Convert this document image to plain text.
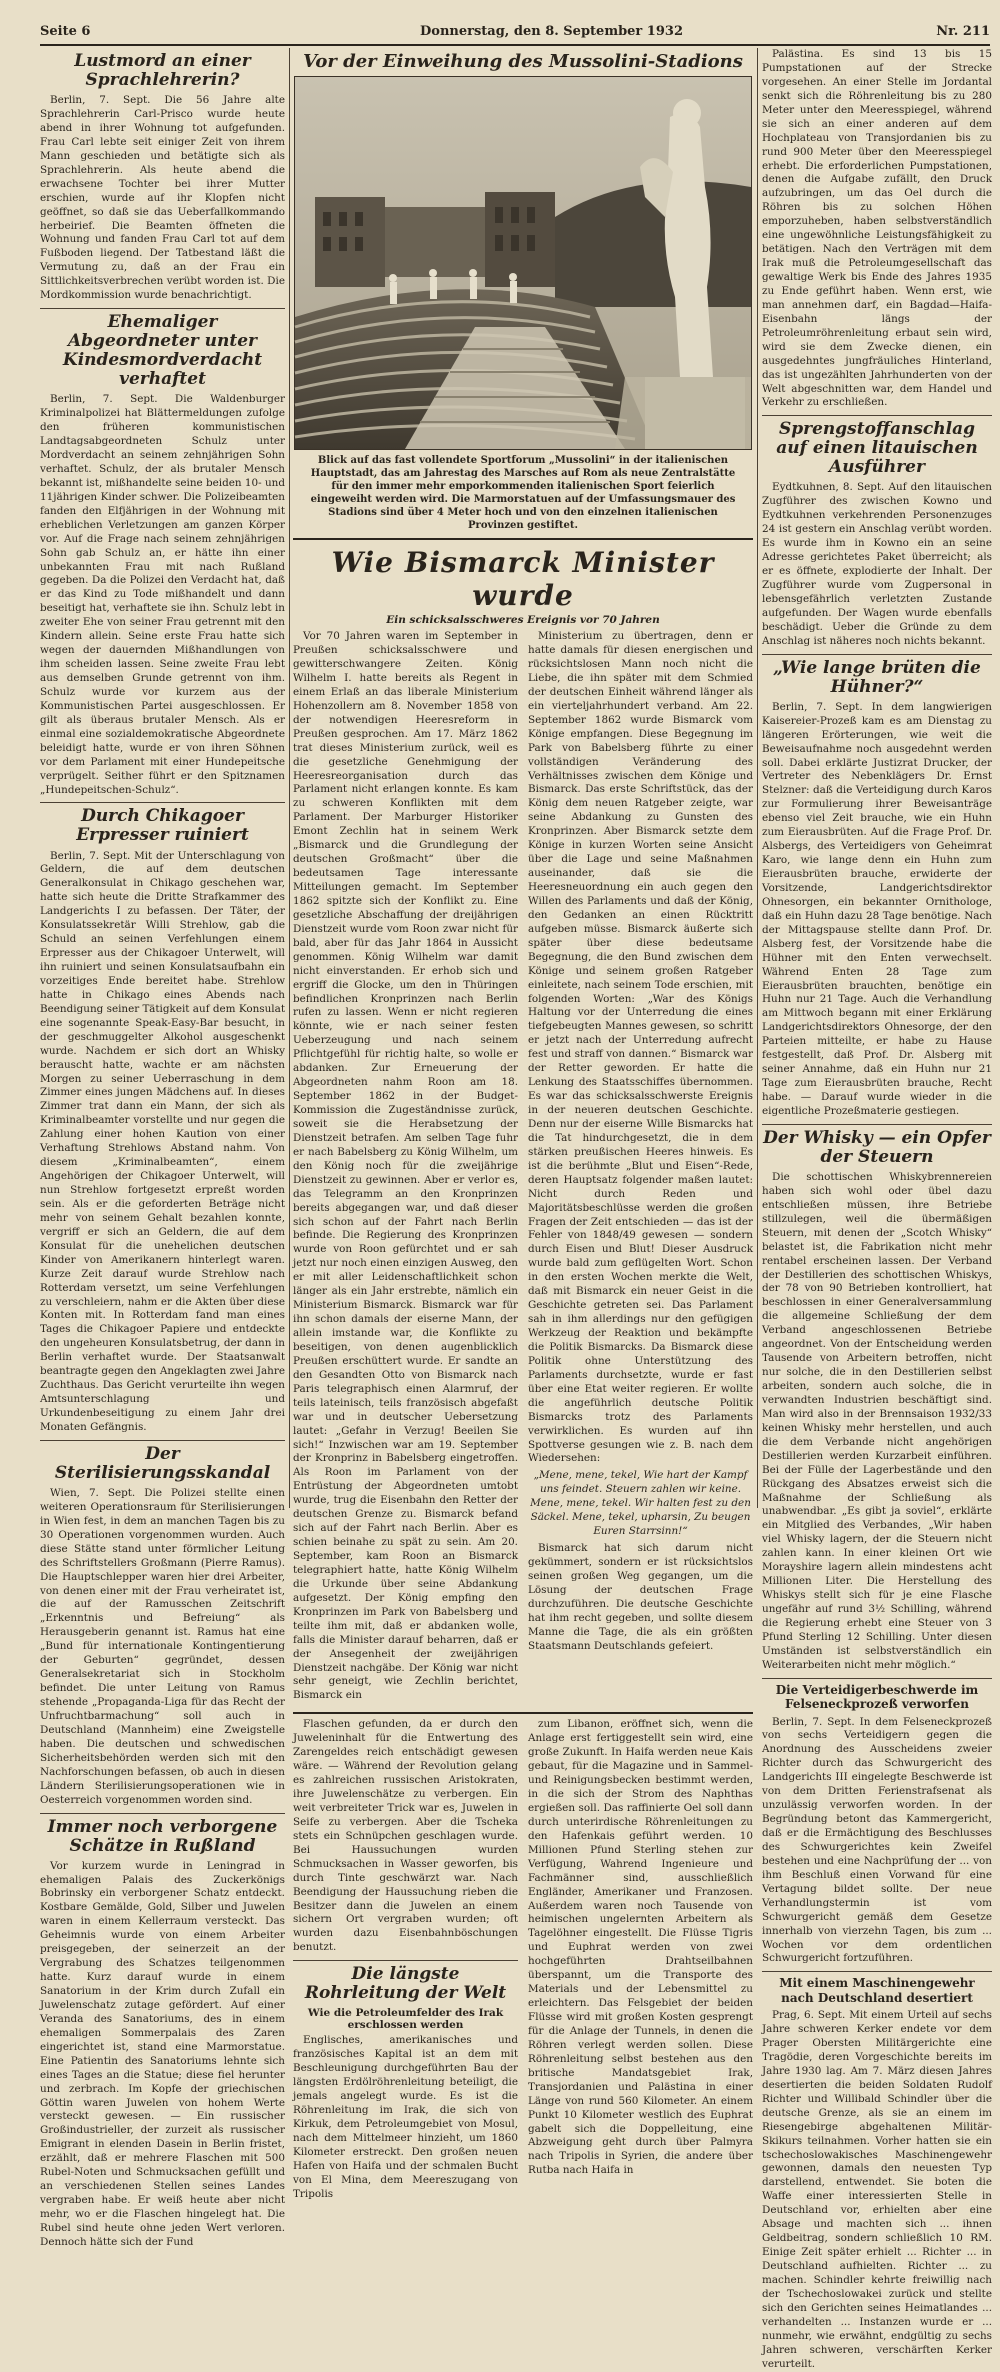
Seite 6	Donnerstag, den 8. September 1932	Nr. 211
Lustmord an einer Sprachlehrerin?

Berlin, 7. Sept. Die 56 Jahre alte Sprachlehrerin Carl-Prisco wurde heute abend in ihrer Wohnung tot aufgefunden. Frau Carl lebte seit einiger Zeit von ihrem Mann geschieden und betätigte sich als Sprachlehrerin. Als heute abend die erwachsene Tochter bei ihrer Mutter erschien, wurde auf ihr Klopfen nicht geöffnet, so daß sie das Ueberfallkommando herbeirief. Die Beamten öffneten die Wohnung und fanden Frau Carl tot auf dem Fußboden liegend. Der Tatbestand läßt die Vermutung zu, daß an der Frau ein Sittlichkeitsverbrechen verübt worden ist. Die Mordkommission wurde benachrichtigt.

Ehemaliger Abgeordneter unter Kindesmordverdacht verhaftet

Berlin, 7. Sept. Die Waldenburger Kriminalpolizei hat Blättermeldungen zufolge den früheren kommunistischen Landtagsabgeordneten Schulz unter Mordverdacht an seinem zehnjährigen Sohn verhaftet. Schulz, der als brutaler Mensch bekannt ist, mißhandelte seine beiden 10- und 11jährigen Kinder schwer. Die Polizeibeamten fanden den Elfjährigen in der Wohnung mit erheblichen Verletzungen am ganzen Körper vor. Auf die Frage nach seinem zehnjährigen Sohn gab Schulz an, er hätte ihn einer unbekannten Frau mit nach Rußland gegeben. Da die Polizei den Verdacht hat, daß er das Kind zu Tode mißhandelt und dann beseitigt hat, verhaftete sie ihn. Schulz lebt in zweiter Ehe von seiner Frau getrennt mit den Kindern allein. Seine erste Frau hatte sich wegen der dauernden Mißhandlungen von ihm scheiden lassen. Seine zweite Frau lebt aus demselben Grunde getrennt von ihm. Schulz wurde vor kurzem aus der Kommunistischen Partei ausgeschlossen. Er gilt als überaus brutaler Mensch. Als er einmal eine sozialdemokratische Abgeordnete beleidigt hatte, wurde er von ihren Söhnen vor dem Parlament mit einer Hundepeitsche verprügelt. Seither führt er den Spitznamen „Hundepeitschen-Schulz“.

Durch Chikagoer Erpresser ruiniert

Berlin, 7. Sept. Mit der Unterschlagung von Geldern, die auf dem deutschen Generalkonsulat in Chikago geschehen war, hatte sich heute die Dritte Strafkammer des Landgerichts I zu befassen. Der Täter, der Konsulatssekretär Willi Strehlow, gab die Schuld an seinen Verfehlungen einem Erpresser aus der Chikagoer Unterwelt, will ihn ruiniert und seinen Konsulatsaufbahn ein vorzeitiges Ende bereitet habe. Strehlow hatte in Chikago eines Abends nach Beendigung seiner Tätigkeit auf dem Konsulat eine sogenannte Speak-Easy-Bar besucht, in der geschmuggelter Alkohol ausgeschenkt wurde. Nachdem er sich dort an Whisky berauscht hatte, wachte er am nächsten Morgen zu seiner Ueberraschung in dem Zimmer eines jungen Mädchens auf. In dieses Zimmer trat dann ein Mann, der sich als Kriminalbeamter vorstellte und nur gegen die Zahlung einer hohen Kaution von einer Verhaftung Strehlows Abstand nahm. Von diesem „Kriminalbeamten“, einem Angehörigen der Chikagoer Unterwelt, will nun Strehlow fortgesetzt erpreßt worden sein. Als er die geforderten Beträge nicht mehr von seinem Gehalt bezahlen konnte, vergriff er sich an Geldern, die auf dem Konsulat für die unehelichen deutschen Kinder von Amerikanern hinterlegt waren. Kurze Zeit darauf wurde Strehlow nach Rotterdam versetzt, um seine Verfehlungen zu verschleiern, nahm er die Akten über diese Konten mit. In Rotterdam fand man eines Tages die Chikagoer Papiere und entdeckte den ungeheuren Konsulatsbetrug, der dann in Berlin verhaftet wurde. Der Staatsanwalt beantragte gegen den Angeklagten zwei Jahre Zuchthaus. Das Gericht verurteilte ihn wegen Amtsunterschlagung und Urkundenbeseitigung zu einem Jahr drei Monaten Gefängnis.

Der Sterilisierungsskandal

Wien, 7. Sept. Die Polizei stellte einen weiteren Operationsraum für Sterilisierungen in Wien fest, in dem an manchen Tagen bis zu 30 Operationen vorgenommen wurden. Auch diese Stätte stand unter förmlicher Leitung des Schriftstellers Großmann (Pierre Ramus). Die Hauptschlepper waren hier drei Arbeiter, von denen einer mit der Frau verheiratet ist, die auf der Ramusschen Zeitschrift „Erkenntnis und Befreiung“ als Herausgeberin genannt ist. Ramus hat eine „Bund für internationale Kontingentierung der Geburten“ gegründet, dessen Generalsekretariat sich in Stockholm befindet. Die unter Leitung von Ramus stehende „Propaganda-Liga für das Recht der Unfruchtbarmachung“ soll auch in Deutschland (Mannheim) eine Zweigstelle haben. Die deutschen und schwedischen Sicherheitsbehörden werden sich mit den Nachforschungen befassen, ob auch in diesen Ländern Sterilisierungsoperationen wie in Oesterreich vorgenommen worden sind.

Immer noch verborgene Schätze in Rußland

Vor kurzem wurde in Leningrad in ehemaligen Palais des Zuckerkönigs Bobrinsky ein verborgener Schatz entdeckt. Kostbare Gemälde, Gold, Silber und Juwelen waren in einem Kellerraum versteckt. Das Geheimnis wurde von einem Arbeiter preisgegeben, der seinerzeit an der Vergrabung des Schatzes teilgenommen hatte. Kurz darauf wurde in einem Sanatorium in der Krim durch Zufall ein Juwelenschatz zutage gefördert. Auf einer Veranda des Sanatoriums, des in einem ehemaligen Sommerpalais des Zaren eingerichtet ist, stand eine Marmorstatue. Eine Patientin des Sanatoriums lehnte sich eines Tages an die Statue; diese fiel herunter und zerbrach. Im Kopfe der griechischen Göttin waren Juwelen von hohem Werte versteckt gewesen. — Ein russischer Großindustrieller, der zurzeit als russischer Emigrant in elenden Dasein in Berlin fristet, erzählt, daß er mehrere Flaschen mit 500 Rubel-Noten und Schmucksachen gefüllt und an verschiedenen Stellen seines Landes vergraben habe. Er weiß heute aber nicht mehr, wo er die Flaschen hingelegt hat. Die Rubel sind heute ohne jeden Wert verloren. Dennoch hätte sich der Fund

Vor der Einweihung des Mussolini-Stadions

Blick auf das fast vollendete Sportforum „Mussolini“ in der italienischen Hauptstadt, das am Jahrestag des Marsches auf Rom als neue Zentralstätte für den immer mehr emporkommenden italienischen Sport feierlich eingeweiht werden wird. Die Marmorstatuen auf der Umfassungsmauer des Stadions sind über 4 Meter hoch und von den einzelnen italienischen Provinzen gestiftet.

Wie Bismarck Minister wurde
Ein schicksalsschweres Ereignis vor 70 Jahren

Vor 70 Jahren waren im September in Preußen schicksalsschwere und gewitterschwangere Zeiten. König Wilhelm I. hatte bereits als Regent in einem Erlaß an das liberale Ministerium Hohenzollern am 8. November 1858 von der notwendigen Heeresreform in Preußen gesprochen. Am 17. März 1862 trat dieses Ministerium zurück, weil es die gesetzliche Genehmigung der Heeresreorganisation durch das Parlament nicht erlangen konnte. Es kam zu schweren Konflikten mit dem Parlament. Der Marburger Historiker Emont Zechlin hat in seinem Werk „Bismarck und die Grundlegung der deutschen Großmacht“ über die bedeutsamen Tage interessante Mitteilungen gemacht. Im September 1862 spitzte sich der Konflikt zu. Eine gesetzliche Abschaffung der dreijährigen Dienstzeit wurde vom Roon zwar nicht für bald, aber für das Jahr 1864 in Aussicht genommen. König Wilhelm war damit nicht einverstanden. Er erhob sich und ergriff die Glocke, um den in Thüringen befindlichen Kronprinzen nach Berlin rufen zu lassen. Wenn er nicht regieren könnte, wie er nach seiner festen Ueberzeugung und nach seinem Pflichtgefühl für richtig halte, so wolle er abdanken. Zur Erneuerung der Abgeordneten nahm Roon am 18. September 1862 in der Budget-Kommission die Zugeständnisse zurück, soweit sie die Herabsetzung der Dienstzeit betrafen. Am selben Tage fuhr er nach Babelsberg zu König Wilhelm, um den König noch für die zweijährige Dienstzeit zu gewinnen. Aber er verlor es, das Telegramm an den Kronprinzen bereits abgegangen war, und daß dieser sich schon auf der Fahrt nach Berlin befinde. Die Regierung des Kronprinzen wurde von Roon gefürchtet und er sah jetzt nur noch einen einzigen Ausweg, den er mit aller Leidenschaftlichkeit schon länger als ein Jahr erstrebte, nämlich ein Ministerium Bismarck. Bismarck war für ihn schon damals der eiserne Mann, der allein imstande war, die Konflikte zu beseitigen, von denen augenblicklich Preußen erschüttert wurde. Er sandte an den Gesandten Otto von Bismarck nach Paris telegraphisch einen Alarmruf, der teils lateinisch, teils französisch abgefaßt war und in deutscher Uebersetzung lautet: „Gefahr in Verzug! Beeilen Sie sich!“ Inzwischen war am 19. September der Kronprinz in Babelsberg eingetroffen. Als Roon im Parlament von der Entrüstung der Abgeordneten umtobt wurde, trug die Eisenbahn den Retter der deutschen Grenze zu. Bismarck befand sich auf der Fahrt nach Berlin. Aber es schien beinahe zu spät zu sein. Am 20. September, kam Roon an Bismarck telegraphiert hatte, hatte König Wilhelm die Urkunde über seine Abdankung aufgesetzt. Der König empfing den Kronprinzen im Park von Babelsberg und teilte ihm mit, daß er abdanken wolle, falls die Minister darauf beharren, daß er der Ansegenheit der zweijährigen Dienstzeit nachgäbe. Der König war nicht sehr geneigt, wie Zechlin berichtet, Bismarck ein

Ministerium zu übertragen, denn er hatte damals für diesen energischen und rücksichtslosen Mann noch nicht die Liebe, die ihn später mit dem Schmied der deutschen Einheit während länger als ein vierteljahrhundert verband. Am 22. September 1862 wurde Bismarck vom Könige empfangen. Diese Begegnung im Park von Babelsberg führte zu einer vollständigen Veränderung des Verhältnisses zwischen dem Könige und Bismarck. Das erste Schriftstück, das der König dem neuen Ratgeber zeigte, war seine Abdankung zu Gunsten des Kronprinzen. Aber Bismarck setzte dem Könige in kurzen Worten seine Ansicht über die Lage und seine Maßnahmen auseinander, daß sie die Heeresneuordnung ein auch gegen den Willen des Parlaments und daß der König, den Gedanken an einen Rücktritt aufgeben müsse. Bismarck äußerte sich später über diese bedeutsame Begegnung, die den Bund zwischen dem Könige und seinem großen Ratgeber einleitete, nach seinem Tode erschien, mit folgenden Worten: „War des Königs Haltung vor der Unterredung die eines tiefgebeugten Mannes gewesen, so schritt er jetzt nach der Unterredung aufrecht fest und straff von dannen.“ Bismarck war der Retter geworden. Er hatte die Lenkung des Staatsschiffes übernommen. Es war das schicksalsschwerste Ereignis in der neueren deutschen Geschichte. Denn nur der eiserne Wille Bismarcks hat die Tat hindurchgesetzt, die in dem stärken preußischen Heeres hinweis. Es ist die berühmte „Blut und Eisen“-Rede, deren Hauptsatz folgender maßen lautet: Nicht durch Reden und Majoritätsbeschlüsse werden die großen Fragen der Zeit entschieden — das ist der Fehler von 1848/49 gewesen — sondern durch Eisen und Blut! Dieser Ausdruck wurde bald zum geflügelten Wort. Schon in den ersten Wochen merkte die Welt, daß mit Bismarck ein neuer Geist in die Geschichte getreten sei. Das Parlament sah in ihm allerdings nur den gefügigen Werkzeug der Reaktion und bekämpfte die Politik Bismarcks. Da Bismarck diese Politik ohne Unterstützung des Parlaments durchsetzte, wurde er fast über eine Etat weiter regieren. Er wollte die angeführlich deutsche Politik Bismarcks trotz des Parlaments verwirklichen. Es wurden auf ihn Spottverse gesungen wie z. B. nach dem Wiedersehen:

„Mene, mene, tekel, Wie hart der Kampf uns feindet. Steuern zahlen wir keine. Mene, mene, tekel. Wir halten fest zu den Säckel. Mene, tekel, upharsin, Zu beugen Euren Starrsinn!“

Bismarck hat sich darum nicht gekümmert, sondern er ist rücksichtslos seinen großen Weg gegangen, um die Lösung der deutschen Frage durchzuführen. Die deutsche Geschichte hat ihm recht gegeben, und sollte diesem Manne die Tage, die als ein größten Staatsmann Deutschlands gefeiert.

Flaschen gefunden, da er durch den Juweleninhalt für die Entwertung des Zarengeldes reich entschädigt gewesen wäre. — Während der Revolution gelang es zahlreichen russischen Aristokraten, ihre Juwelenschätze zu verbergen. Ein weit verbreiteter Trick war es, Juwelen in Seife zu verbergen. Aber die Tscheka stets ein Schnüpchen geschlagen wurde. Bei Haussuchungen wurden Schmucksachen in Wasser geworfen, bis durch Tinte geschwärzt war. Nach Beendigung der Haussuchung rieben die Besitzer dann die Juwelen an einem sichern Ort vergraben wurden; oft wurden dazu Eisenbahnböschungen benutzt.

Die längste Rohrleitung der Welt
Wie die Petroleumfelder des Irak erschlossen werden

Englisches, amerikanisches und französisches Kapital ist an dem mit Beschleunigung durchgeführten Bau der längsten Erdölröhrenleitung beteiligt, die jemals angelegt wurde. Es ist die Röhrenleitung im Irak, die sich von Kirkuk, dem Petroleumgebiet von Mosul, nach dem Mittelmeer hinzieht, um 1860 Kilometer erstreckt. Den großen neuen Hafen von Haifa und der schmalen Bucht von El Mina, dem Meereszugang von Tripolis

zum Libanon, eröffnet sich, wenn die Anlage erst fertiggestellt sein wird, eine große Zukunft. In Haifa werden neue Kais gebaut, für die Magazine und in Sammel- und Reinigungsbecken bestimmt werden, in die sich der Strom des Naphthas ergießen soll. Das raffinierte Oel soll dann durch unterirdische Röhrenleitungen zu den Hafenkais geführt werden. 10 Millionen Pfund Sterling stehen zur Verfügung, Wahrend Ingenieure und Fachmänner sind, ausschließlich Engländer, Amerikaner und Franzosen. Außerdem waren noch Tausende von heimischen ungelernten Arbeitern als Tagelöhner eingestellt. Die Flüsse Tigris und Euphrat werden von zwei hochgeführten Drahtseilbahnen überspannt, um die Transporte des Materials und der Lebensmittel zu erleichtern. Das Felsgebiet der beiden Flüsse wird mit großen Kosten gesprengt für die Anlage der Tunnels, in denen die Röhren verlegt werden sollen. Diese Röhrenleitung selbst bestehen aus den britische Mandatsgebiet Irak, Transjordanien und Palästina in einer Länge von rund 560 Kilometer. An einem Punkt 10 Kilometer westlich des Euphrat gabelt sich die Doppelleitung, eine Abzweigung geht durch über Palmyra nach Tripolis in Syrien, die andere über Rutba nach Haifa in

Palästina. Es sind 13 bis 15 Pumpstationen auf der Strecke vorgesehen. An einer Stelle im Jordantal senkt sich die Röhrenleitung bis zu 280 Meter unter den Meeresspiegel, während sie sich an einer anderen auf dem Hochplateau von Transjordanien bis zu rund 900 Meter über den Meeresspiegel erhebt. Die erforderlichen Pumpstationen, denen die Aufgabe zufällt, den Druck aufzubringen, um das Oel durch die Röhren bis zu solchen Höhen emporzuheben, haben selbstverständlich eine ungewöhnliche Leistungsfähigkeit zu betätigen. Nach den Verträgen mit dem Irak muß die Petroleumgesellschaft das gewaltige Werk bis Ende des Jahres 1935 zu Ende geführt haben. Wenn erst, wie man annehmen darf, ein Bagdad—Haifa-Eisenbahn längs der Petroleumröhrenleitung erbaut sein wird, wird sie dem Zwecke dienen, ein ausgedehntes jungfräuliches Hinterland, das ist ungezählten Jahrhunderten von der Welt abgeschnitten war, dem Handel und Verkehr zu erschließen.

Sprengstoffanschlag auf einen litauischen Ausführer

Eydtkuhnen, 8. Sept. Auf den litauischen Zugführer des zwischen Kowno und Eydtkuhnen verkehrenden Personenzuges 24 ist gestern ein Anschlag verübt worden. Es wurde ihm in Kowno ein an seine Adresse gerichtetes Paket überreicht; als er es öffnete, explodierte der Inhalt. Der Zugführer wurde vom Zugpersonal in lebensgefährlich verletzten Zustande aufgefunden. Der Wagen wurde ebenfalls beschädigt. Ueber die Gründe zu dem Anschlag ist näheres noch nichts bekannt.

„Wie lange brüten die Hühner?“

Berlin, 7. Sept. In dem langwierigen Kaisereier-Prozeß kam es am Dienstag zu längeren Erörterungen, wie weit die Beweisaufnahme noch ausgedehnt werden soll. Dabei erklärte Justizrat Drucker, der Vertreter des Nebenklägers Dr. Ernst Stelzner: daß die Verteidigung durch Karos zur Formulierung ihrer Beweisanträge ebenso viel Zeit brauche, wie ein Huhn zum Eierausbrüten. Auf die Frage Prof. Dr. Alsbergs, des Verteidigers von Geheimrat Karo, wie lange denn ein Huhn zum Eierausbrüten brauche, erwiderte der Vorsitzende, Landgerichtsdirektor Ohnesorgen, ein bekannter Ornithologe, daß ein Huhn dazu 28 Tage benötige. Nach der Mittagspause stellte dann Prof. Dr. Alsberg fest, der Vorsitzende habe die Hühner mit den Enten verwechselt. Während Enten 28 Tage zum Eierausbrüten brauchten, benötige ein Huhn nur 21 Tage. Auch die Verhandlung am Mittwoch begann mit einer Erklärung Landgerichtsdirektors Ohnesorge, der den Parteien mitteilte, er habe zu Hause festgestellt, daß Prof. Dr. Alsberg mit seiner Annahme, daß ein Huhn nur 21 Tage zum Eierausbrüten brauche, Recht habe. — Darauf wurde wieder in die eigentliche Prozeßmaterie gestiegen.

Der Whisky — ein Opfer der Steuern

Die schottischen Whiskybrennereien haben sich wohl oder übel dazu entschließen müssen, ihre Betriebe stillzulegen, weil die übermäßigen Steuern, mit denen der „Scotch Whisky“ belastet ist, die Fabrikation nicht mehr rentabel erscheinen lassen. Der Verband der Destillerien des schottischen Whiskys, der 78 von 90 Betrieben kontrolliert, hat beschlossen in einer Generalversammlung die allgemeine Schließung der dem Verband angeschlossenen Betriebe angeordnet. Von der Entscheidung werden Tausende von Arbeitern betroffen, nicht nur solche, die in den Destillerien selbst arbeiten, sondern auch solche, die in verwandten Industrien beschäftigt sind. Man wird also in der Brennsaison 1932/33 keinen Whisky mehr herstellen, und auch die dem Verbande nicht angehörigen Destillerien werden Kurzarbeit einführen. Bei der Fülle der Lagerbestände und den Rückgang des Absatzes erweist sich die Maßnahme der Schließung als unabwendbar. „Es gibt ja soviel“, erklärte ein Mitglied des Verbandes, „Wir haben viel Whisky lagern, der die Steuern nicht zahlen kann. In einer kleinen Ort wie Morayshire lagern allein mindestens acht Millionen Liter. Die Herstellung des Whiskys stellt sich für je eine Flasche ungefähr auf rund 3½ Schilling, während die Regierung erhebt eine Steuer von 3 Pfund Sterling 12 Schilling. Unter diesen Umständen ist selbstverständlich ein Weiterarbeiten nicht mehr möglich.“

Die Verteidigerbeschwerde im Felseneckprozeß verworfen

Berlin, 7. Sept. In dem Felseneckprozeß von sechs Verteidigern gegen die Anordnung des Ausscheidens zweier Richter durch das Schwurgericht des Landgerichts III eingelegte Beschwerde ist von dem Dritten Ferienstrafsenat als unzulässig verworfen worden. In der Begründung betont das Kammergericht, daß er die Ermächtigung des Beschlusses des Schwurgerichtes kein Zweifel bestehen und eine Nachprüfung der ... von ihm Beschluß einen Vorwand für eine Vertagung bildet sollte. Der neue Verhandlungstermin ist vom Schwurgericht gemäß dem Gesetze innerhalb von vierzehn Tagen, bis zum ... Wochen vor dem ordentlichen Schwurgericht fortzuführen.

Mit einem Maschinengewehr nach Deutschland desertiert

Prag, 6. Sept. Mit einem Urteil auf sechs Jahre schweren Kerker endete vor dem Prager Obersten Militärgerichte eine Tragödie, deren Vorgeschichte bereits im Jahre 1930 lag. Am 7. März diesen Jahres desertierten die beiden Soldaten Rudolf Richter und Willibald Schindler über die deutsche Grenze, als sie an einem im Riesengebirge abgehaltenen Militär-Skikurs teilnahmen. Vorher hatten sie ein tschechoslowakisches Maschinengewehr gewonnen, damals den neuesten Typ darstellend, entwendet. Sie boten die Waffe einer interessierten Stelle in Deutschland vor, erhielten aber eine Absage und machten sich ... ihnen Geldbeitrag, sondern schließlich 10 RM. Einige Zeit später erhielt ... Richter ... in Deutschland aufhielten. Richter ... zu machen. Schindler kehrte freiwillig nach der Tschechoslowakei zurück und stellte sich den Gerichten seines Heimatlandes ... verhandelten ... Instanzen wurde er ... nunmehr, wie erwähnt, endgültig zu sechs Jahren schweren, verschärften Kerker verurteilt.
